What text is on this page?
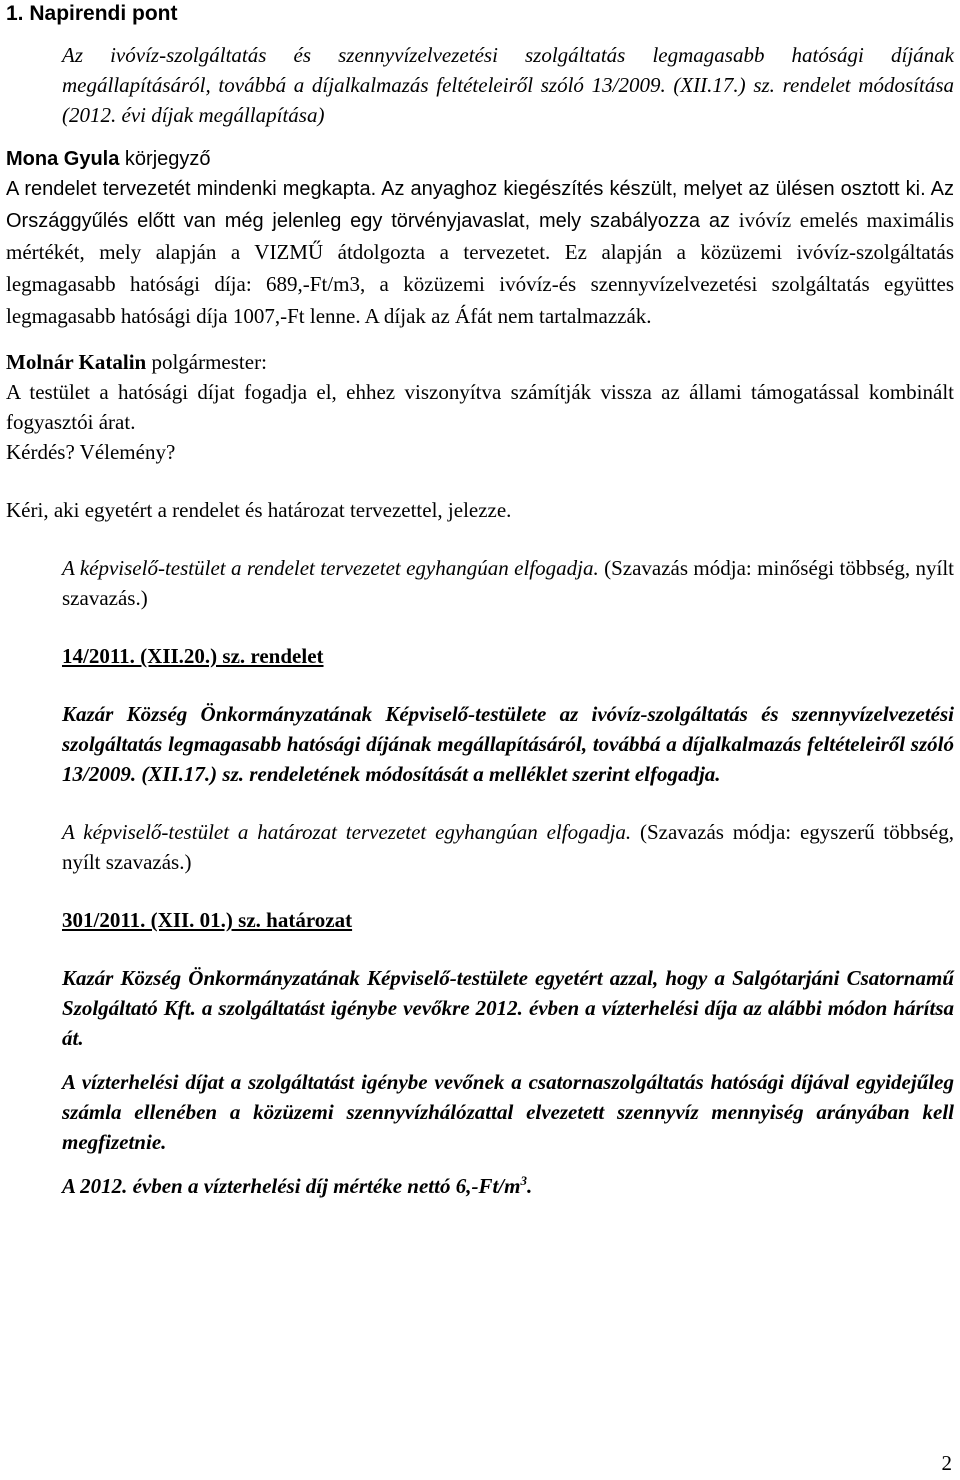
1. Napirendi pont

Az ivóvíz-szolgáltatás és szennyvízelvezetési szolgáltatás legmagasabb hatósági díjának megállapításáról, továbbá a díjalkalmazás feltételeiről szóló 13/2009. (XII.17.) sz. rendelet módosítása (2012. évi díjak megállapítása)

Mona Gyula körjegyző

A rendelet tervezetét mindenki megkapta. Az anyaghoz kiegészítés készült, melyet az ülésen osztott ki. Az Országgyűlés előtt van még jelenleg egy törvényjavaslat, mely szabályozza az ivóvíz emelés maximális mértékét, mely alapján a VIZMŰ átdolgozta a tervezetet. Ez alapján a közüzemi ivóvíz-szolgáltatás legmagasabb hatósági díja: 689,-Ft/m3, a közüzemi ivóvíz-és szennyvízelvezetési szolgáltatás együttes legmagasabb hatósági díja 1007,-Ft lenne. A díjak az Áfát nem tartalmazzák.

Molnár Katalin polgármester:

A testület a hatósági díjat fogadja el, ehhez viszonyítva számítják vissza az állami támogatással kombinált fogyasztói árat.

Kérdés? Vélemény?

Kéri, aki egyetért a rendelet és határozat tervezettel, jelezze.

A képviselő-testület a rendelet tervezetet egyhangúan elfogadja. (Szavazás módja: minőségi többség, nyílt szavazás.)

14/2011. (XII.20.) sz. rendelet

Kazár Község Önkormányzatának Képviselő-testülete az ivóvíz-szolgáltatás és szennyvízelvezetési szolgáltatás legmagasabb hatósági díjának megállapításáról, továbbá a díjalkalmazás feltételeiről szóló 13/2009. (XII.17.) sz. rendeletének módosítását a melléklet szerint elfogadja.

A képviselő-testület a határozat tervezetet egyhangúan elfogadja. (Szavazás módja: egyszerű többség, nyílt szavazás.)

301/2011. (XII. 01.) sz. határozat

Kazár Község Önkormányzatának Képviselő-testülete egyetért azzal, hogy a Salgótarjáni Csatornamű Szolgáltató Kft. a szolgáltatást igénybe vevőkre 2012. évben a vízterhelési díja az alábbi módon hárítsa át.

A vízterhelési díjat a szolgáltatást igénybe vevőnek a csatornaszolgáltatás hatósági díjával egyidejűleg számla ellenében a közüzemi szennyvízhálózattal elvezetett szennyvíz mennyiség arányában kell megfizetnie.

A 2012. évben a vízterhelési díj mértéke nettó $6,-Ft/m^3$.

2
